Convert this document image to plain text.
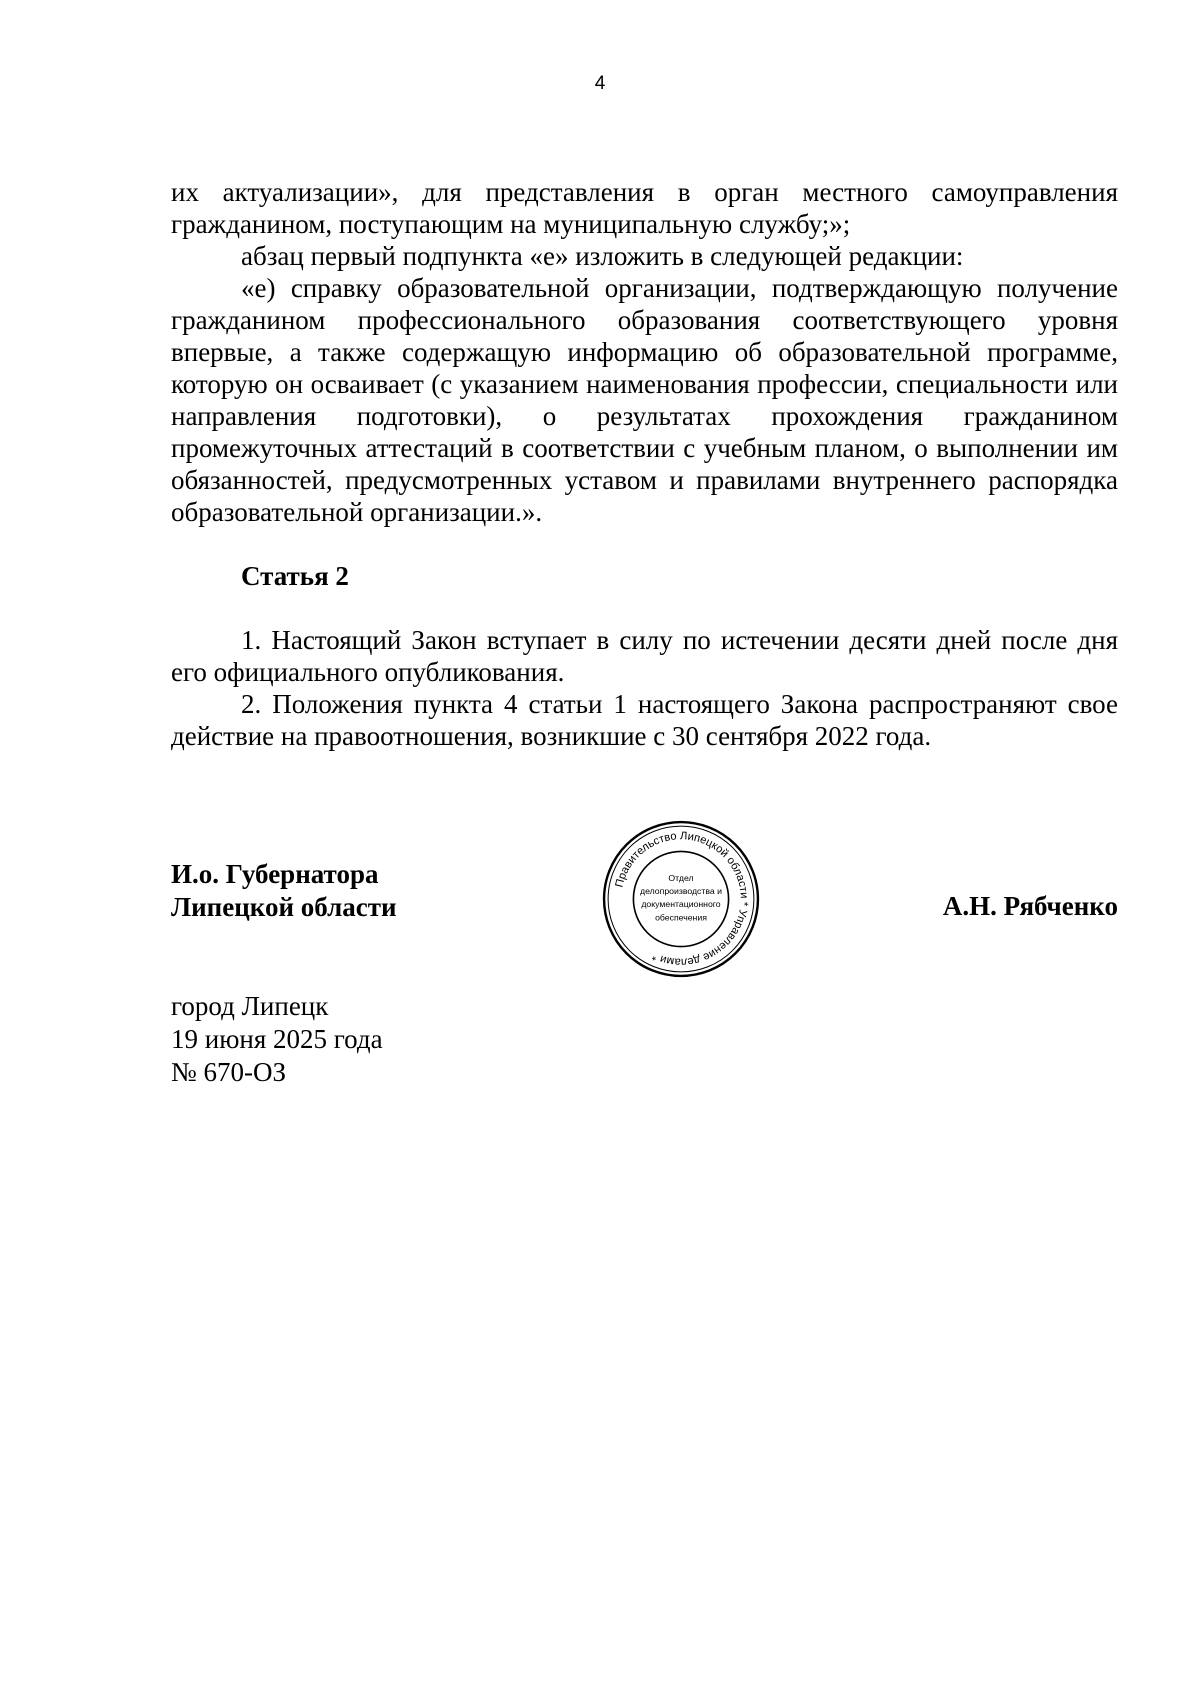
4

их актуализации», для представления в орган местного самоуправления гражданином, поступающим на муниципальную службу;»;

абзац первый подпункта «е» изложить в следующей редакции:

«е) справку образовательной организации, подтверждающую получение гражданином профессионального образования соответствующего уровня впервые, а также содержащую информацию об образовательной программе, которую он осваивает (с указанием наименования профессии, специальности или направления подготовки), о результатах прохождения гражданином промежуточных аттестаций в соответствии с учебным планом, о выполнении им обязанностей, предусмотренных уставом и правилами внутреннего распорядка образовательной организации.».

Статья 2

1. Настоящий Закон вступает в силу по истечении десяти дней после дня его официального опубликования.

2. Положения пункта 4 статьи 1 настоящего Закона распространяют свое действие на правоотношения, возникшие с 30 сентября 2022 года.

И.о. Губернатора
Липецкой области
Правительство Липецкой области * Управление делами *
Отдел
делопроизводства и
документационного
обеспечения	А.Н. Рябченко
город Липецк
19 июня 2025 года
№ 670-ОЗ
